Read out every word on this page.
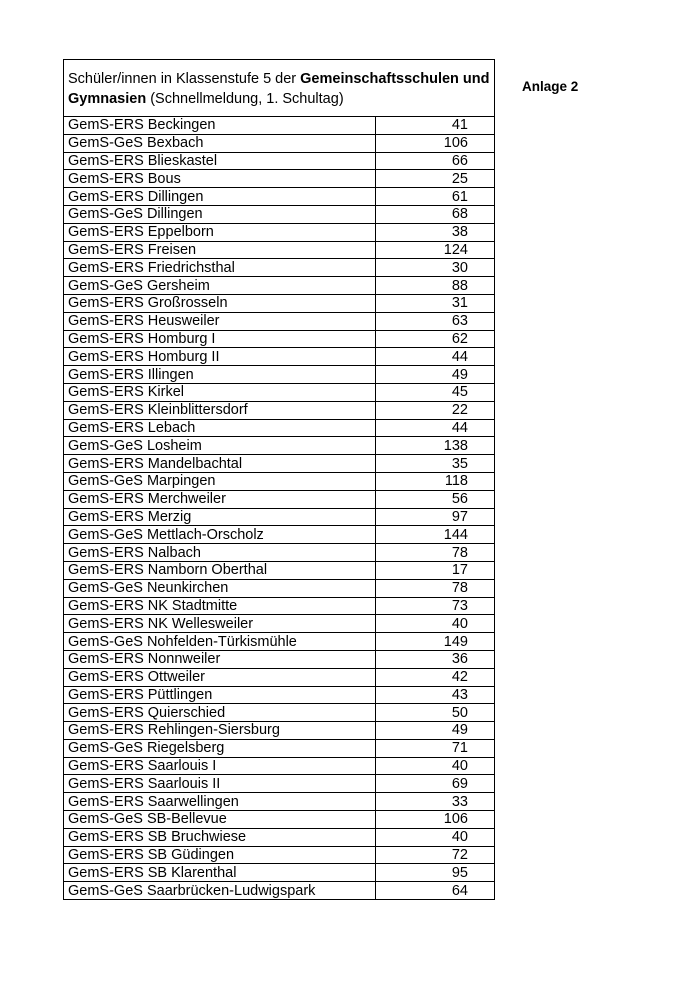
Schüler/innen in Klassenstufe 5 der Gemeinschaftsschulen und Gymnasien (Schnellmeldung, 1. Schultag)
Anlage 2
GemS-ERS Beckingen	41
GemS-GeS Bexbach	106
GemS-ERS Blieskastel	66
GemS-ERS Bous	25
GemS-ERS Dillingen	61
GemS-GeS Dillingen	68
GemS-ERS Eppelborn	38
GemS-ERS Freisen	124
GemS-ERS Friedrichsthal	30
GemS-GeS Gersheim	88
GemS-ERS Großrosseln	31
GemS-ERS Heusweiler	63
GemS-ERS Homburg I	62
GemS-ERS Homburg II	44
GemS-ERS Illingen	49
GemS-ERS Kirkel	45
GemS-ERS Kleinblittersdorf	22
GemS-ERS Lebach	44
GemS-GeS Losheim	138
GemS-ERS Mandelbachtal	35
GemS-GeS Marpingen	118
GemS-ERS Merchweiler	56
GemS-ERS Merzig	97
GemS-GeS Mettlach-Orscholz	144
GemS-ERS Nalbach	78
GemS-ERS Namborn Oberthal	17
GemS-GeS Neunkirchen	78
GemS-ERS NK Stadtmitte	73
GemS-ERS NK Wellesweiler	40
GemS-GeS Nohfelden-Türkismühle	149
GemS-ERS Nonnweiler	36
GemS-ERS Ottweiler	42
GemS-ERS Püttlingen	43
GemS-ERS Quierschied	50
GemS-ERS Rehlingen-Siersburg	49
GemS-GeS Riegelsberg	71
GemS-ERS Saarlouis I	40
GemS-ERS Saarlouis II	69
GemS-ERS Saarwellingen	33
GemS-GeS SB-Bellevue	106
GemS-ERS SB Bruchwiese	40
GemS-ERS SB Güdingen	72
GemS-ERS SB Klarenthal	95
GemS-GeS Saarbrücken-Ludwigspark	64
